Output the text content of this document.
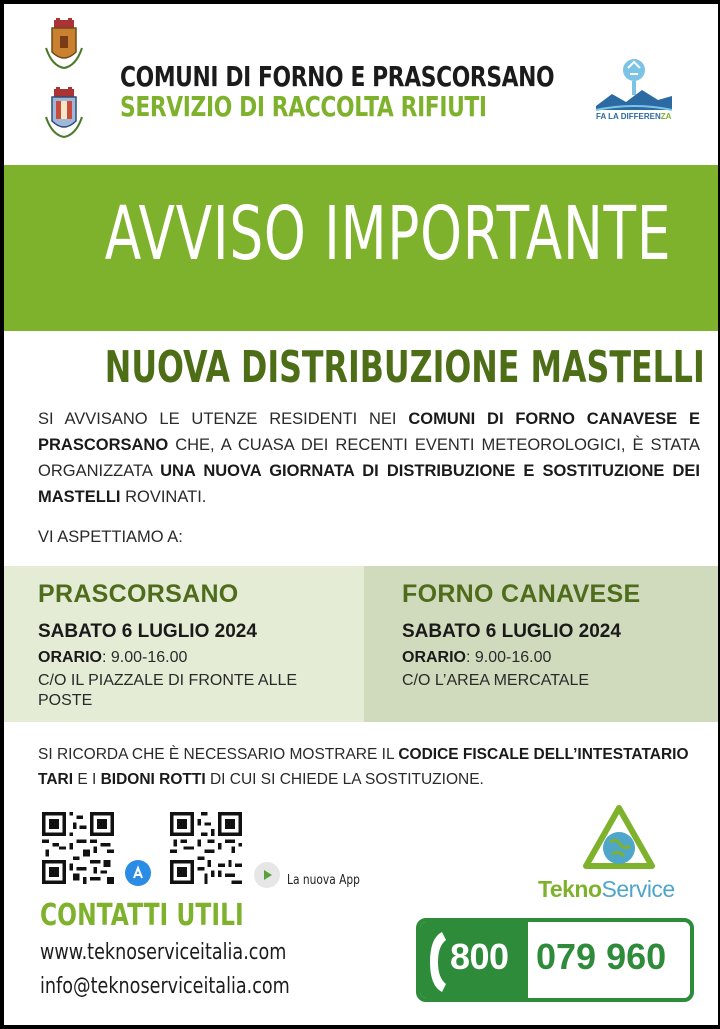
COMUNI DI FORNO E PRASCORSANO
SERVIZIO DI RACCOLTA RIFIUTI	FA LA DIFFERENZA
AVVISO IMPORTANTE
NUOVA DISTRIBUZIONE MASTELLI
SI AVVISANO LE UTENZE RESIDENTI NEI COMUNI DI FORNO CANAVESE E PRASCORSANO CHE, A CUASA DEI RECENTI EVENTI METEOROLOGICI, È STATA ORGANIZZATA UNA NUOVA GIORNATA DI DISTRIBUZIONE E SOSTITUZIONE DEI MASTELLI ROVINATI.
VI ASPETTIAMO A:
PRASCORSANO
SABATO 6 LUGLIO 2024
ORARIO: 9.00-16.00
C/O IL PIAZZALE DI FRONTE ALLE POSTE
FORNO CANAVESE
SABATO 6 LUGLIO 2024
ORARIO: 9.00-16.00
C/O L’AREA MERCATALE
SI RICORDA CHE È NECESSARIO MOSTRARE IL CODICE FISCALE DELL’INTESTATARIO TARI E I BIDONI ROTTI DI CUI SI CHIEDE LA SOSTITUZIONE.
La nuova App
CONTATTI UTILI
www.teknoserviceitalia.com
info@teknoserviceitalia.com
TeknoService
800 079 960
